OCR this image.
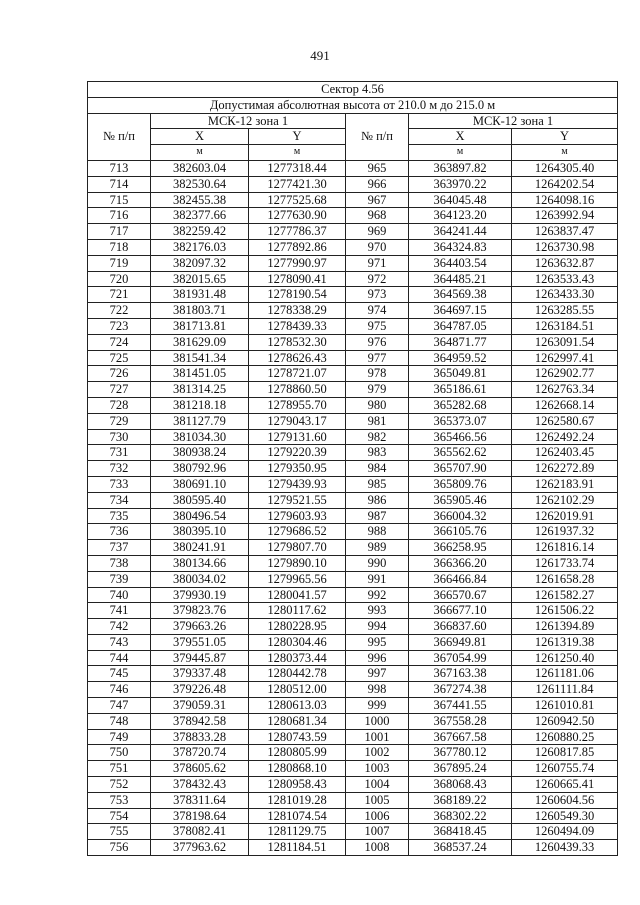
491
Сектор 4.56					
Допустимая абсолютная высота от 210.0 м до 215.0 м					
№ п/п	МСК-12 зона 1		№ п/п	МСК-12 зона 1	
	X	Y		X	Y
	м	м		м	м
713	382603.04	1277318.44	965	363897.82	1264305.40
714	382530.64	1277421.30	966	363970.22	1264202.54
715	382455.38	1277525.68	967	364045.48	1264098.16
716	382377.66	1277630.90	968	364123.20	1263992.94
717	382259.42	1277786.37	969	364241.44	1263837.47
718	382176.03	1277892.86	970	364324.83	1263730.98
719	382097.32	1277990.97	971	364403.54	1263632.87
720	382015.65	1278090.41	972	364485.21	1263533.43
721	381931.48	1278190.54	973	364569.38	1263433.30
722	381803.71	1278338.29	974	364697.15	1263285.55
723	381713.81	1278439.33	975	364787.05	1263184.51
724	381629.09	1278532.30	976	364871.77	1263091.54
725	381541.34	1278626.43	977	364959.52	1262997.41
726	381451.05	1278721.07	978	365049.81	1262902.77
727	381314.25	1278860.50	979	365186.61	1262763.34
728	381218.18	1278955.70	980	365282.68	1262668.14
729	381127.79	1279043.17	981	365373.07	1262580.67
730	381034.30	1279131.60	982	365466.56	1262492.24
731	380938.24	1279220.39	983	365562.62	1262403.45
732	380792.96	1279350.95	984	365707.90	1262272.89
733	380691.10	1279439.93	985	365809.76	1262183.91
734	380595.40	1279521.55	986	365905.46	1262102.29
735	380496.54	1279603.93	987	366004.32	1262019.91
736	380395.10	1279686.52	988	366105.76	1261937.32
737	380241.91	1279807.70	989	366258.95	1261816.14
738	380134.66	1279890.10	990	366366.20	1261733.74
739	380034.02	1279965.56	991	366466.84	1261658.28
740	379930.19	1280041.57	992	366570.67	1261582.27
741	379823.76	1280117.62	993	366677.10	1261506.22
742	379663.26	1280228.95	994	366837.60	1261394.89
743	379551.05	1280304.46	995	366949.81	1261319.38
744	379445.87	1280373.44	996	367054.99	1261250.40
745	379337.48	1280442.78	997	367163.38	1261181.06
746	379226.48	1280512.00	998	367274.38	1261111.84
747	379059.31	1280613.03	999	367441.55	1261010.81
748	378942.58	1280681.34	1000	367558.28	1260942.50
749	378833.28	1280743.59	1001	367667.58	1260880.25
750	378720.74	1280805.99	1002	367780.12	1260817.85
751	378605.62	1280868.10	1003	367895.24	1260755.74
752	378432.43	1280958.43	1004	368068.43	1260665.41
753	378311.64	1281019.28	1005	368189.22	1260604.56
754	378198.64	1281074.54	1006	368302.22	1260549.30
755	378082.41	1281129.75	1007	368418.45	1260494.09
756	377963.62	1281184.51	1008	368537.24	1260439.33
